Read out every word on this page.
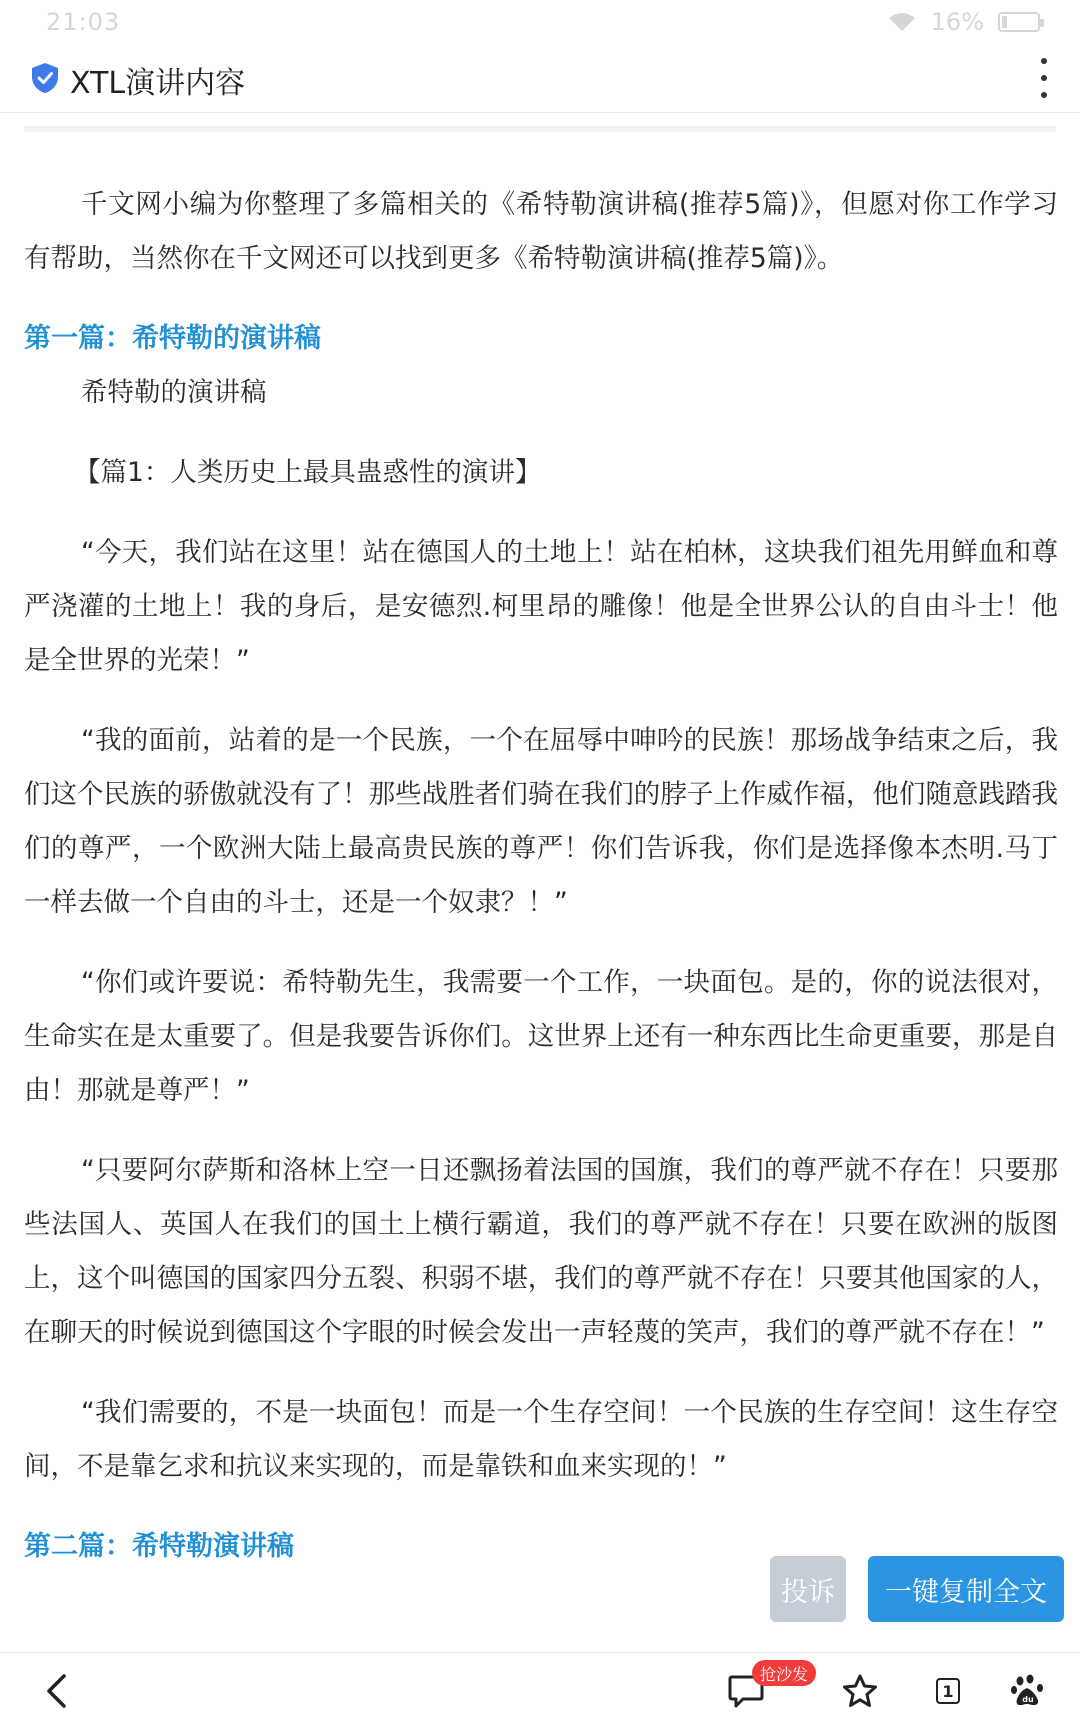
21:03	16%
XTL演讲内容

千文网小编为你整理了多篇相关的《希特勒演讲稿(推荐5篇)》，但愿对你工作学习有帮助，当然你在千文网还可以找到更多《希特勒演讲稿(推荐5篇)》。

第一篇：希特勒的演讲稿
希特勒的演讲稿
【篇1：人类历史上最具蛊惑性的演讲】

“今天，我们站在这里！站在德国人的土地上！站在柏林，这块我们祖先用鲜血和尊严浇灌的土地上！我的身后，是安德烈.柯里昂的雕像！他是全世界公认的自由斗士！他是全世界的光荣！”

“我的面前，站着的是一个民族，一个在屈辱中呻吟的民族！那场战争结束之后，我们这个民族的骄傲就没有了！那些战胜者们骑在我们的脖子上作威作福，他们随意践踏我们的尊严，一个欧洲大陆上最高贵民族的尊严！你们告诉我，你们是选择像本杰明.马丁一样去做一个自由的斗士，还是一个奴隶？！”

“你们或许要说：希特勒先生，我需要一个工作，一块面包。是的，你的说法很对，生命实在是太重要了。但是我要告诉你们。这世界上还有一种东西比生命更重要，那是自由！那就是尊严！”

“只要阿尔萨斯和洛林上空一日还飘扬着法国的国旗，我们的尊严就不存在！只要那些法国人、英国人在我们的国土上横行霸道，我们的尊严就不存在！只要在欧洲的版图上，这个叫德国的国家四分五裂、积弱不堪，我们的尊严就不存在！只要其他国家的人，在聊天的时候说到德国这个字眼的时候会发出一声轻蔑的笑声，我们的尊严就不存在！”

“我们需要的，不是一块面包！而是一个生存空间！一个民族的生存空间！这生存空间，不是靠乞求和抗议来实现的，而是靠铁和血来实现的！”

第二篇：希特勒演讲稿
投诉	一键复制全文
1	du
抢沙发
